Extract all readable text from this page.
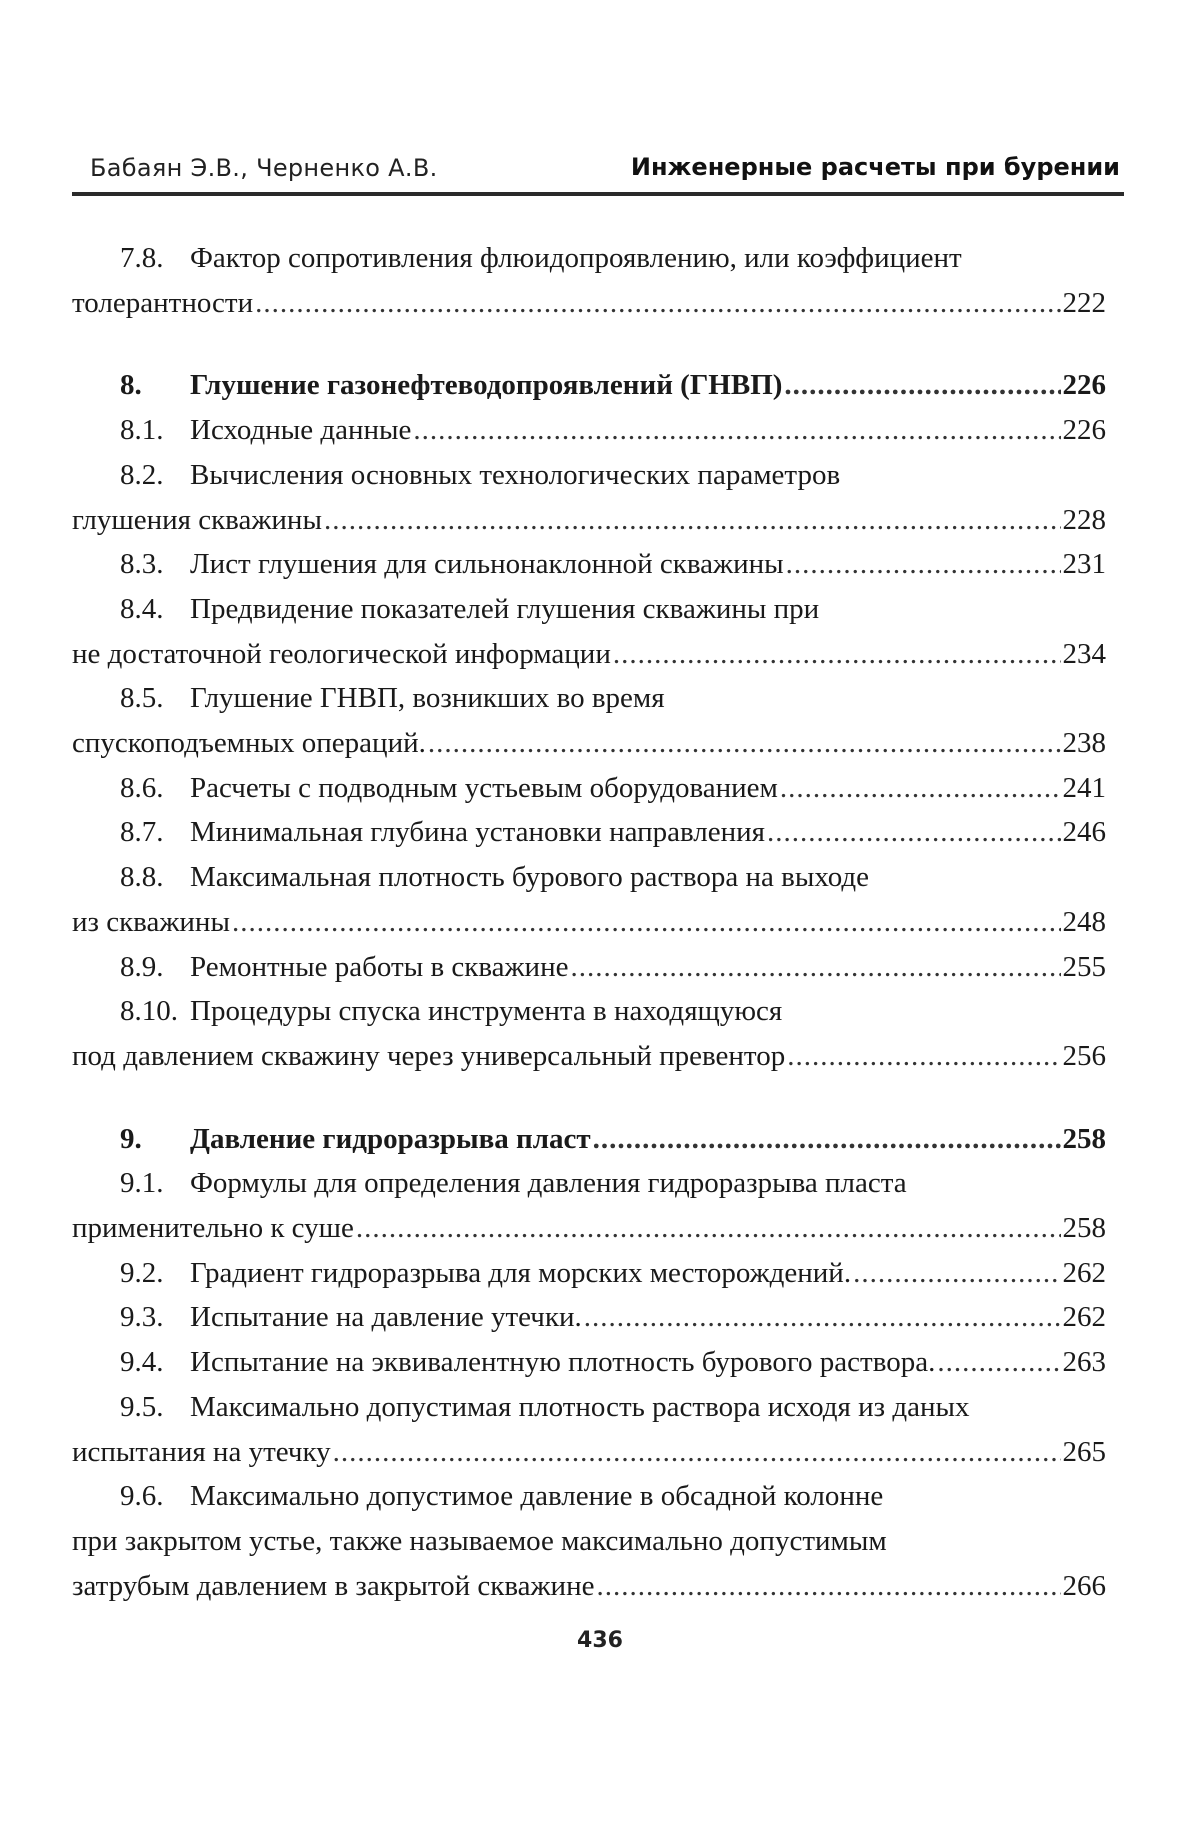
Бабаян Э.В., Черненко А.В.	Инженерные расчеты при бурении
7.8. Фактор сопротивления флюидопроявлению, или коэффициент
толерантности .....	222
8.	Глушение газонефтеводопроявлений (ГНВП) .....	226
8.1. Исходные данные .....	226
8.2. Вычисления основных технологических параметров
глушения скважины .....	228
8.3. Лист глушения для сильнонаклонной скважины .....	231
8.4. Предвидение показателей глушения скважины при
не достаточной геологической информации .....	234
8.5. Глушение ГНВП, возникших во время
спускоподъемных операций. .....	238
8.6. Расчеты с подводным устьевым оборудованием .....	241
8.7. Минимальная глубина установки направления .....	246
8.8. Максимальная плотность бурового раствора на выходе
из скважины .....	248
8.9. Ремонтные работы в скважине .....	255
8.10. Процедуры спуска инструмента в находящуюся
под давлением скважину через универсальный превентор .....	256
9.	Давление гидроразрыва пласт .....	258
9.1. Формулы для определения давления гидроразрыва пласта
применительно к суше .....	258
9.2. Градиент гидроразрыва для морских месторождений. .....	262
9.3. Испытание на давление утечки. .....	262
9.4. Испытание на эквивалентную плотность бурового раствора. .....	263
9.5. Максимально допустимая плотность раствора исходя из даных
испытания на утечку .....	265
9.6. Максимально допустимое давление в обсадной колонне
при закрытом устье, также называемое максимально допустимым
затрубым давлением в закрытой скважине .....	266
436
